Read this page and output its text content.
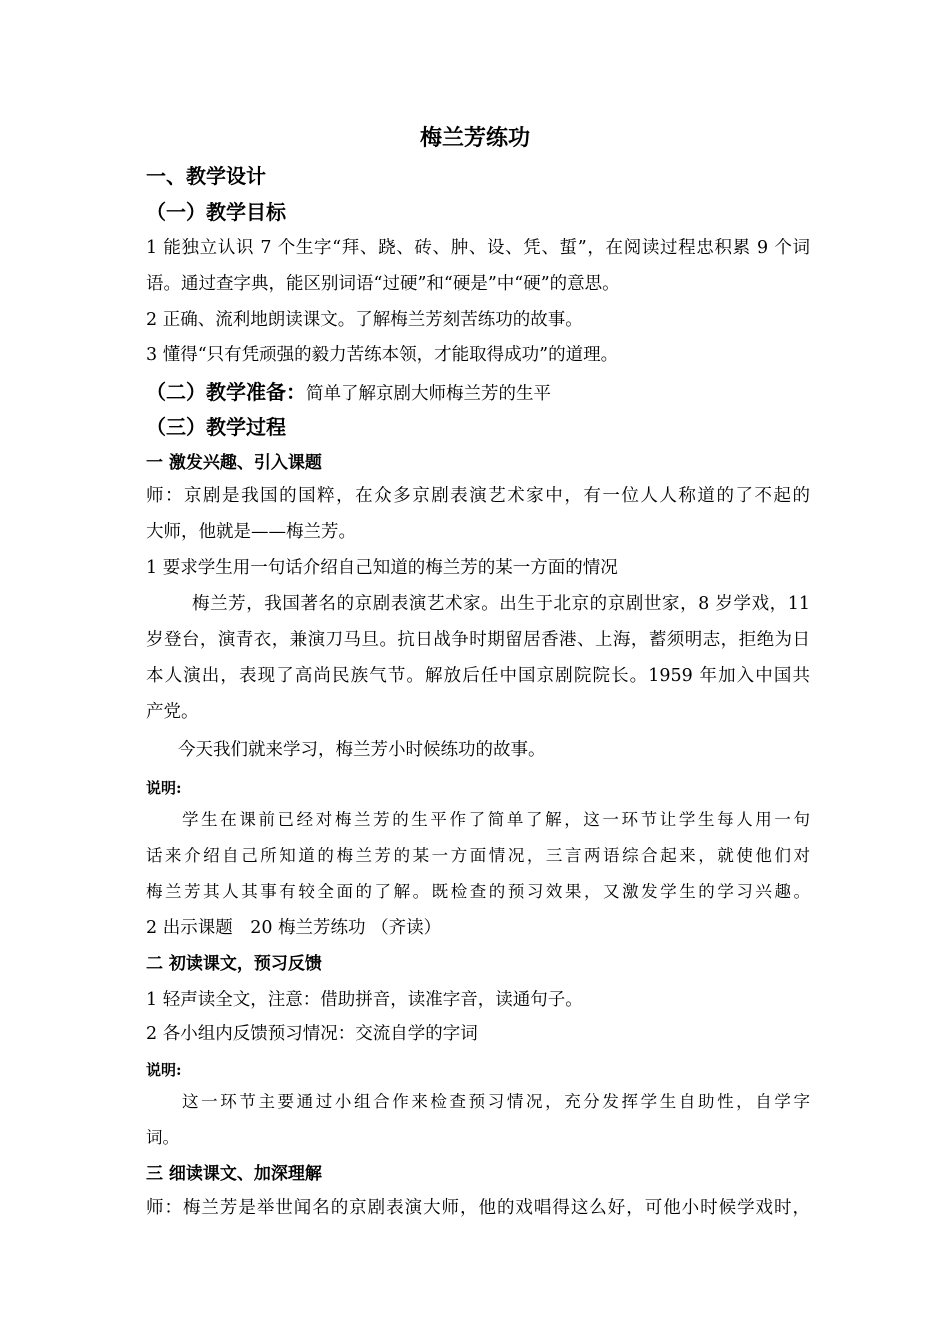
梅兰芳练功
一、教学设计
（一）教学目标
1 能独立认识 7 个生字“拜、跷、砖、肿、设、凭、蜇”，在阅读过程忠积累 9 个词
语。通过查字典，能区别词语“过硬”和“硬是”中“硬”的意思。
2 正确、流利地朗读课文。了解梅兰芳刻苦练功的故事。
3 懂得“只有凭顽强的毅力苦练本领，才能取得成功”的道理。
（二）教学准备：简单了解京剧大师梅兰芳的生平
（三）教学过程
一 激发兴趣、引入课题
师：京剧是我国的国粹，在众多京剧表演艺术家中，有一位人人称道的了不起的
大师，他就是——梅兰芳。
1 要求学生用一句话介绍自己知道的梅兰芳的某一方面的情况
梅兰芳，我国著名的京剧表演艺术家。出生于北京的京剧世家，8 岁学戏，11
岁登台，演青衣，兼演刀马旦。抗日战争时期留居香港、上海，蓄须明志，拒绝为日
本人演出，表现了高尚民族气节。解放后任中国京剧院院长。1959 年加入中国共
产党。
今天我们就来学习，梅兰芳小时候练功的故事。
说明:
学生在课前已经对梅兰芳的生平作了简单了解，这一环节让学生每人用一句
话来介绍自己所知道的梅兰芳的某一方面情况，三言两语综合起来，就使他们对
梅兰芳其人其事有较全面的了解。既检查的预习效果，又激发学生的学习兴趣。
2 出示课题　20 梅兰芳练功 （齐读）
二 初读课文，预习反馈
1 轻声读全文，注意：借助拼音，读准字音，读通句子。
2 各小组内反馈预习情况：交流自学的字词
说明:
这一环节主要通过小组合作来检查预习情况，充分发挥学生自助性，自学字
词。
三 细读课文、加深理解
师：梅兰芳是举世闻名的京剧表演大师，他的戏唱得这么好，可他小时候学戏时，
